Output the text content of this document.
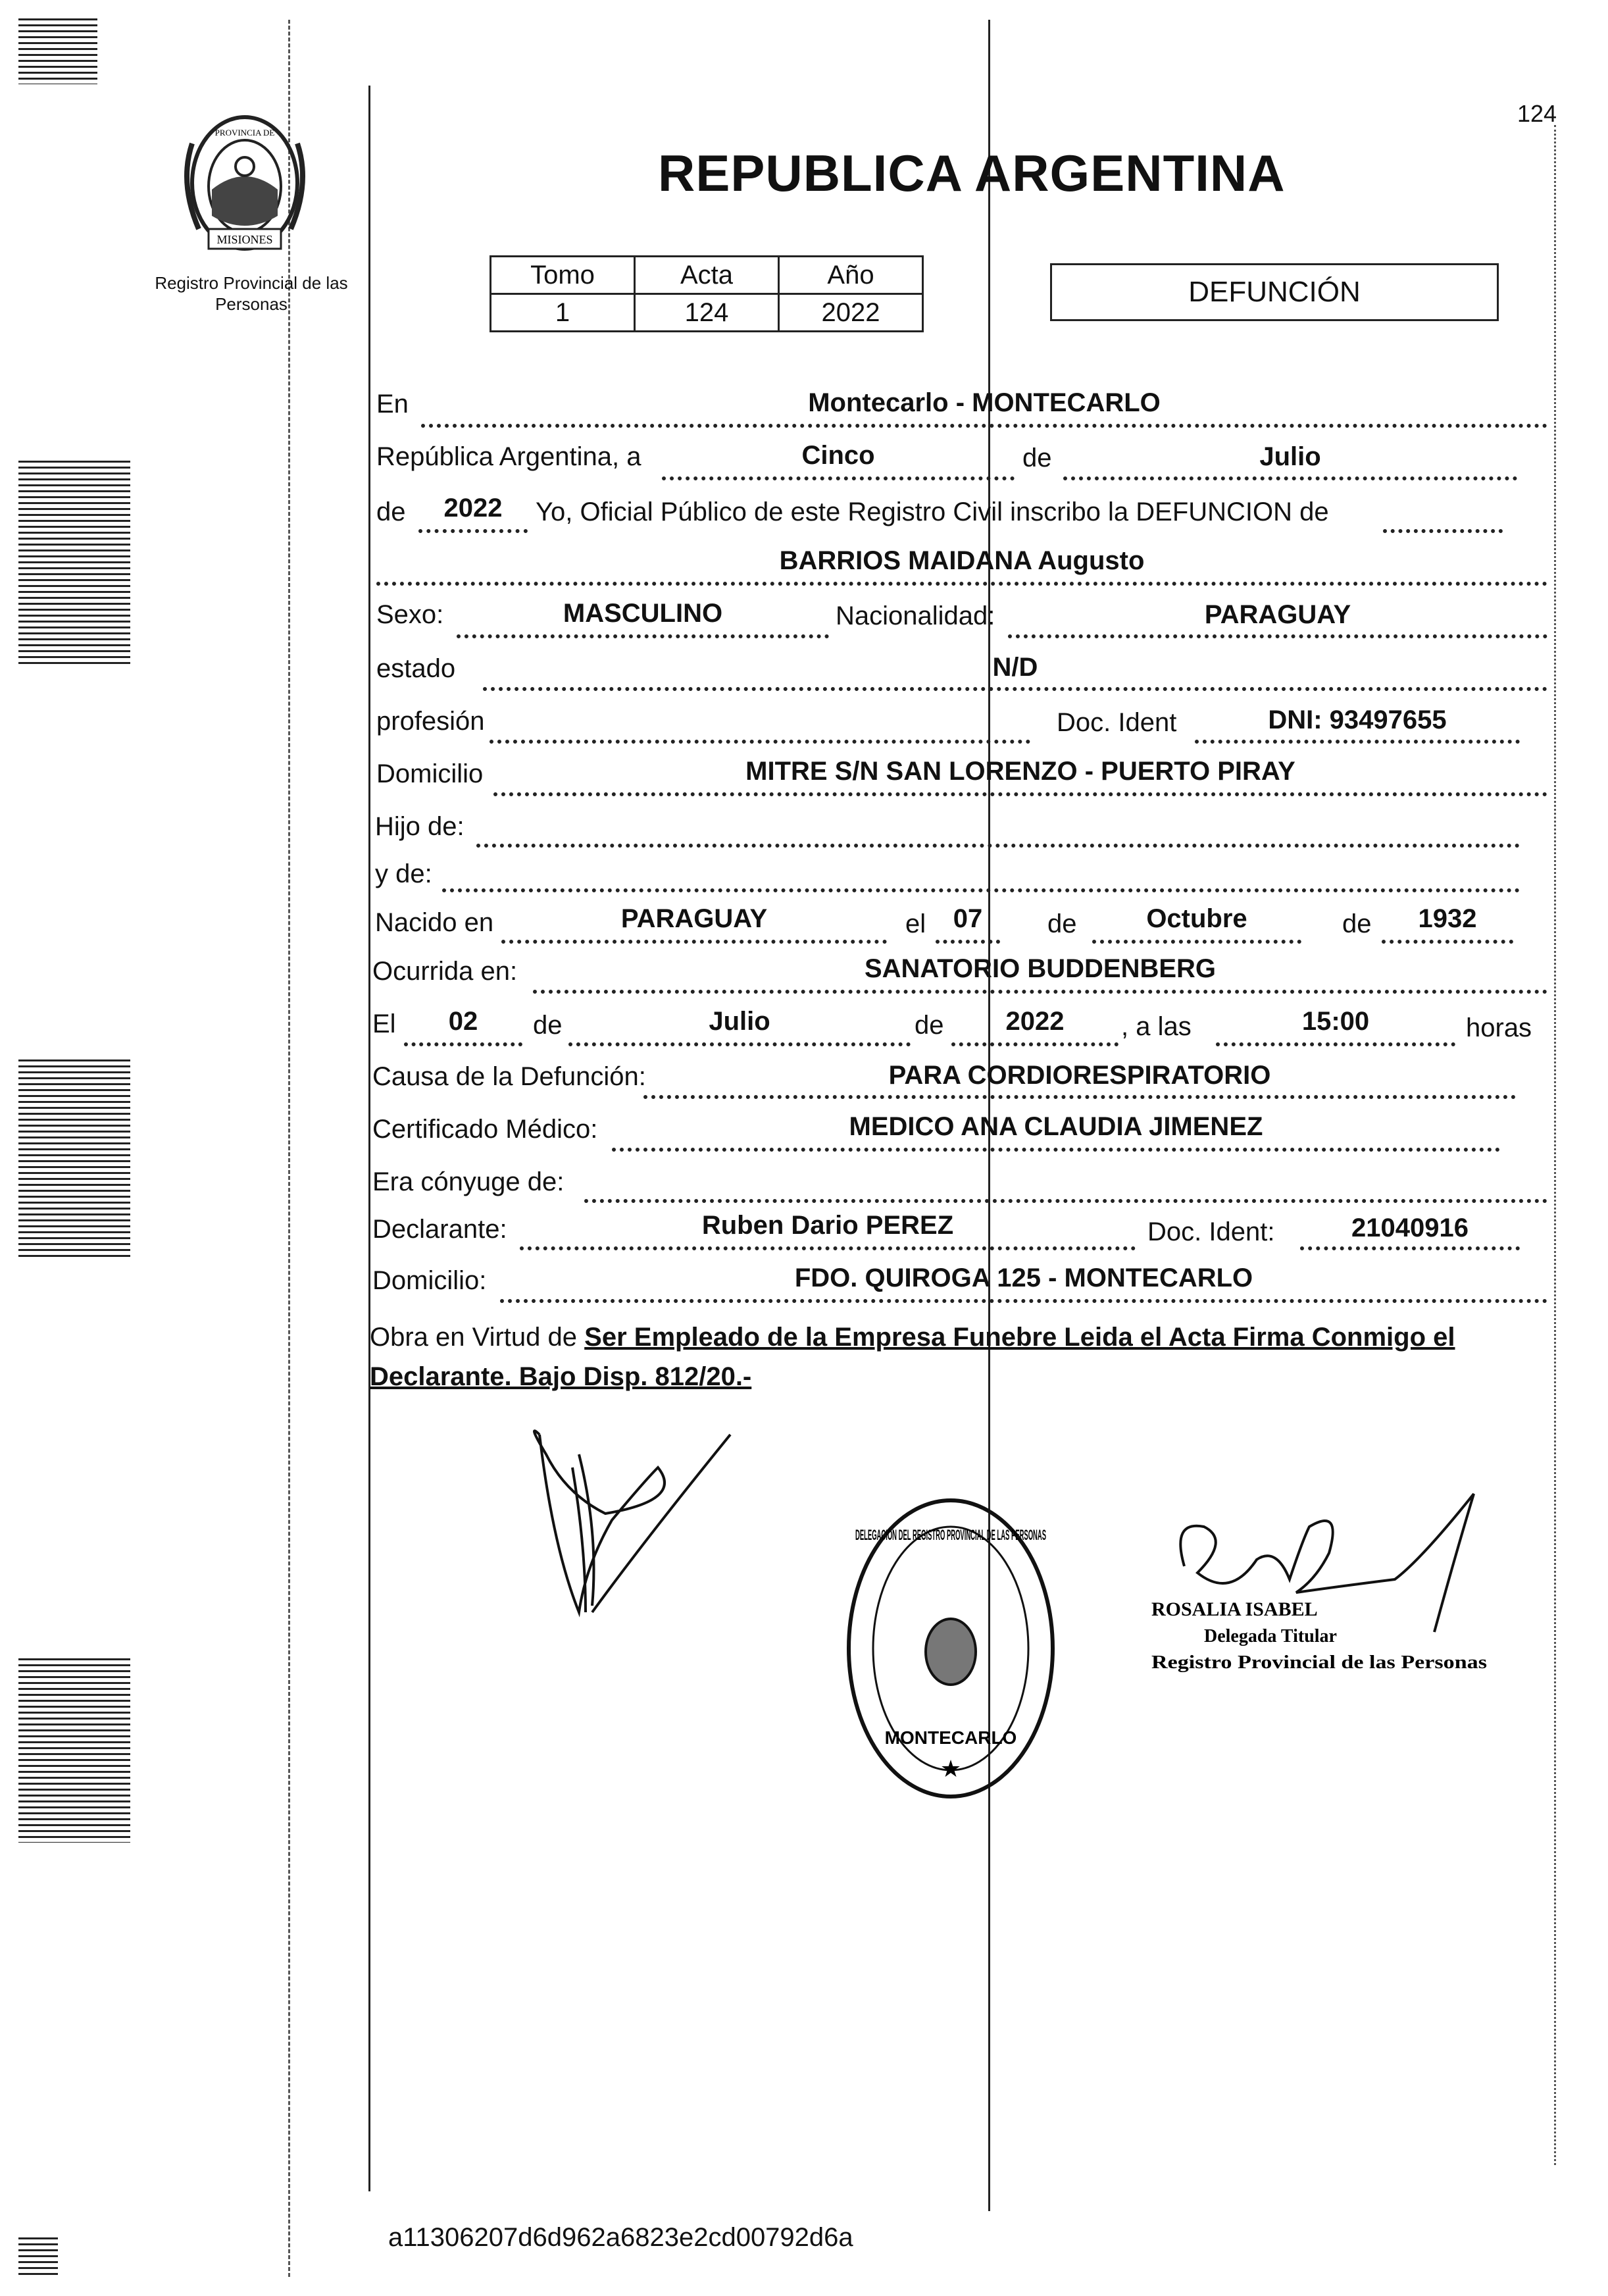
124
MISIONES
PROVINCIA DE
Registro Provincial de las Personas
REPUBLICA ARGENTINA
Tomo	Acta	Año
1	124	2022
DEFUNCIÓN
En	Montecarlo - MONTECARLO
República Argentina, a	Cinco	de	Julio
de	2022	Yo, Oficial Público de este Registro Civil inscribo la DEFUNCION de
BARRIOS MAIDANA Augusto
Sexo:	MASCULINO	Nacionalidad:	PARAGUAY
estado	N/D
profesión	Doc. Ident	DNI: 93497655
Domicilio	MITRE S/N SAN LORENZO - PUERTO PIRAY
Hijo de:
y de:
Nacido en	PARAGUAY	el	07	de	Octubre	de	1932
Ocurrida en:	SANATORIO BUDDENBERG
El	02	de	Julio	de	2022	, a las	15:00	horas
Causa de la Defunción:	PARA CORDIORESPIRATORIO
Certificado Médico:	MEDICO ANA CLAUDIA JIMENEZ
Era cónyuge de:
Declarante:	Ruben Dario PEREZ	Doc. Ident:	21040916
Domicilio:	FDO. QUIROGA 125 - MONTECARLO
Obra en Virtud de Ser Empleado de la Empresa Funebre Leida el Acta Firma Conmigo el Declarante. Bajo Disp. 812/20.-
DELEGACION DEL REGISTRO PROVINCIAL DE LAS PERSONAS
MONTECARLO
★
ROSALIA ISABEL
Delegada Titular
Registro Provincial de las Personas
a11306207d6d962a6823e2cd00792d6a
